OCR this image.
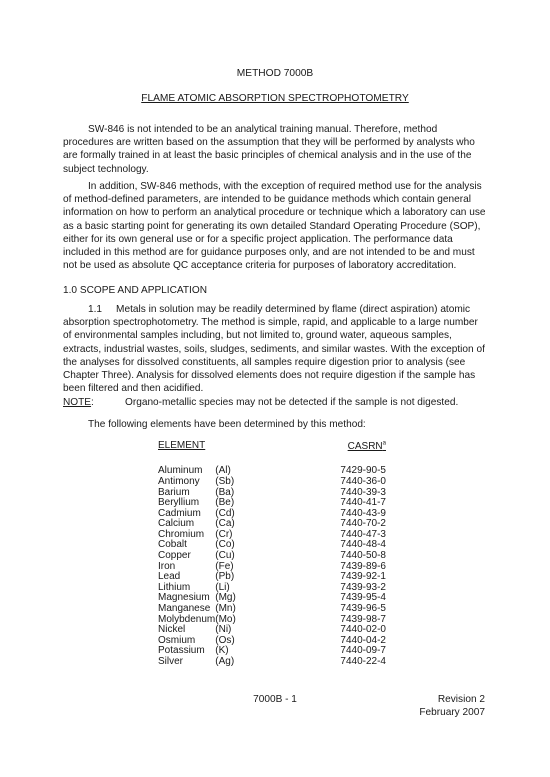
METHOD 7000B
FLAME ATOMIC ABSORPTION SPECTROPHOTOMETRY
SW-846 is not intended to be an analytical training manual. Therefore, method procedures are written based on the assumption that they will be performed by analysts who are formally trained in at least the basic principles of chemical analysis and in the use of the subject technology.
In addition, SW-846 methods, with the exception of required method use for the analysis of method-defined parameters, are intended to be guidance methods which contain general information on how to perform an analytical procedure or technique which a laboratory can use as a basic starting point for generating its own detailed Standard Operating Procedure (SOP), either for its own general use or for a specific project application. The performance data included in this method are for guidance purposes only, and are not intended to be and must not be used as absolute QC acceptance criteria for purposes of laboratory accreditation.
1.0 SCOPE AND APPLICATION
1.1 Metals in solution may be readily determined by flame (direct aspiration) atomic absorption spectrophotometry. The method is simple, rapid, and applicable to a large number of environmental samples including, but not limited to, ground water, aqueous samples, extracts, industrial wastes, soils, sludges, sediments, and similar wastes. With the exception of the analyses for dissolved constituents, all samples require digestion prior to analysis (see Chapter Three). Analysis for dissolved elements does not require digestion if the sample has been filtered and then acidified.
NOTE:	Organo-metallic species may not be detected if the sample is not digested.
The following elements have been determined by this method:
ELEMENT		CASRN$^a$
Aluminum	(Al)	7429-90-5
Antimony	(Sb)	7440-36-0
Barium	(Ba)	7440-39-3
Beryllium	(Be)	7440-41-7
Cadmium	(Cd)	7440-43-9
Calcium	(Ca)	7440-70-2
Chromium	(Cr)	7440-47-3
Cobalt	(Co)	7440-48-4
Copper	(Cu)	7440-50-8
Iron	(Fe)	7439-89-6
Lead	(Pb)	7439-92-1
Lithium	(Li)	7439-93-2
Magnesium	(Mg)	7439-95-4
Manganese	(Mn)	7439-96-5
Molybdenum	(Mo)	7439-98-7
Nickel	(Ni)	7440-02-0
Osmium	(Os)	7440-04-2
Potassium	(K)	7440-09-7
Silver	(Ag)	7440-22-4
7000B - 1	Revision 2
February 2007
